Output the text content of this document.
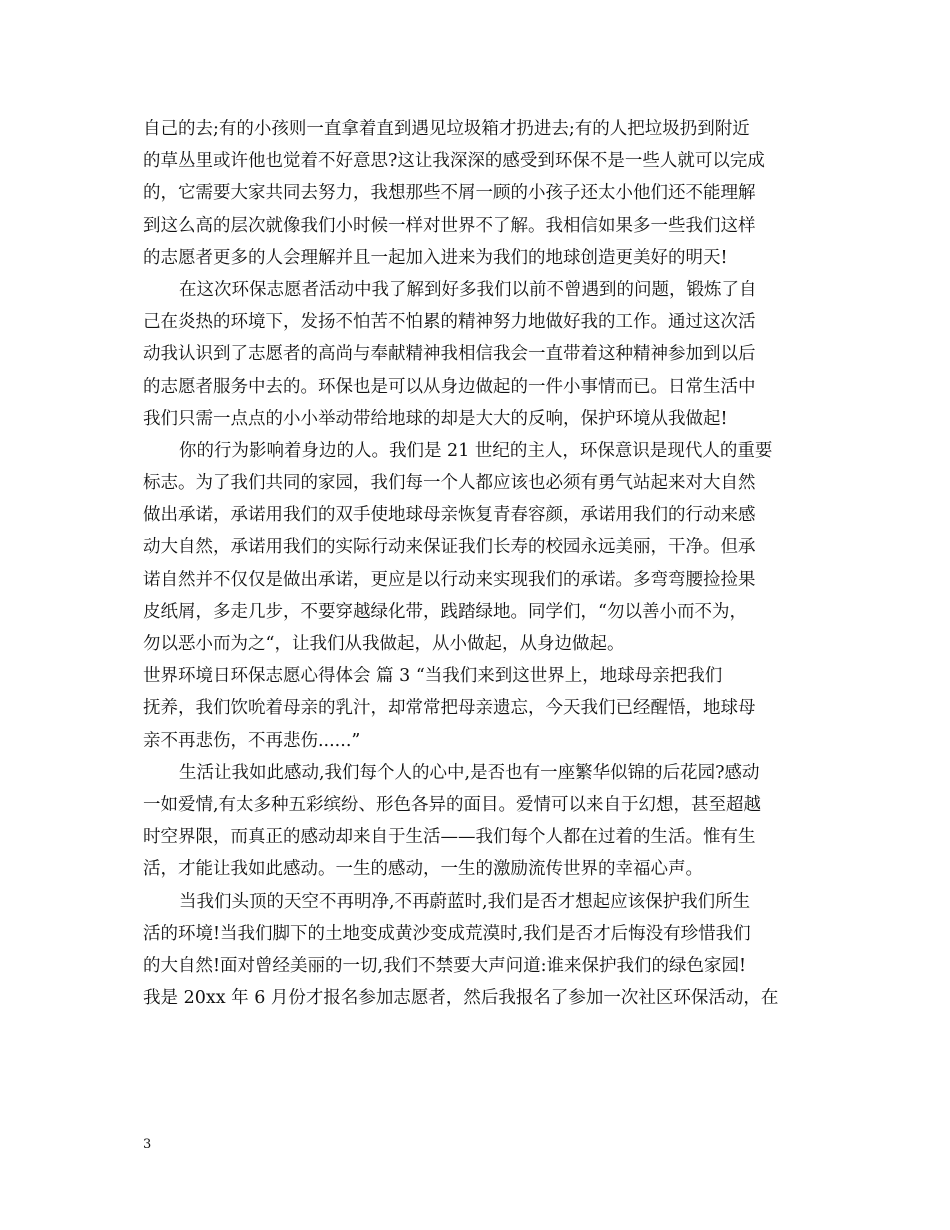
自己的去;有的小孩则一直拿着直到遇见垃圾箱才扔进去;有的人把垃圾扔到附近
的草丛里或许他也觉着不好意思?这让我深深的感受到环保不是一些人就可以完成
的，它需要大家共同去努力，我想那些不屑一顾的小孩子还太小他们还不能理解
到这么高的层次就像我们小时候一样对世界不了解。我相信如果多一些我们这样
的志愿者更多的人会理解并且一起加入进来为我们的地球创造更美好的明天!
在这次环保志愿者活动中我了解到好多我们以前不曾遇到的问题，锻炼了自
己在炎热的环境下，发扬不怕苦不怕累的精神努力地做好我的工作。通过这次活
动我认识到了志愿者的高尚与奉献精神我相信我会一直带着这种精神参加到以后
的志愿者服务中去的。环保也是可以从身边做起的一件小事情而已。日常生活中
我们只需一点点的小小举动带给地球的却是大大的反响，保护环境从我做起!
你的行为影响着身边的人。我们是 21 世纪的主人，环保意识是现代人的重要
标志。为了我们共同的家园，我们每一个人都应该也必须有勇气站起来对大自然
做出承诺，承诺用我们的双手使地球母亲恢复青春容颜，承诺用我们的行动来感
动大自然，承诺用我们的实际行动来保证我们长寿的校园永远美丽，干净。但承
诺自然并不仅仅是做出承诺，更应是以行动来实现我们的承诺。多弯弯腰捡捡果
皮纸屑，多走几步，不要穿越绿化带，践踏绿地。同学们，“勿以善小而不为，
勿以恶小而为之“，让我们从我做起，从小做起，从身边做起。
世界环境日环保志愿心得体会 篇 3 “当我们来到这世界上，地球母亲把我们
抚养，我们饮吮着母亲的乳汁，却常常把母亲遗忘，今天我们已经醒悟，地球母
亲不再悲伤，不再悲伤......”
生活让我如此感动,我们每个人的心中,是否也有一座繁华似锦的后花园?感动
一如爱情,有太多种五彩缤纷、形色各异的面目。爱情可以来自于幻想，甚至超越
时空界限，而真正的感动却来自于生活——我们每个人都在过着的生活。惟有生
活，才能让我如此感动。一生的感动，一生的激励流传世界的幸福心声。
当我们头顶的天空不再明净,不再蔚蓝时,我们是否才想起应该保护我们所生
活的环境!当我们脚下的土地变成黄沙变成荒漠时,我们是否才后悔没有珍惜我们
的大自然!面对曾经美丽的一切,我们不禁要大声问道:谁来保护我们的绿色家园!
我是 20xx 年 6 月份才报名参加志愿者，然后我报名了参加一次社区环保活动，在
3
